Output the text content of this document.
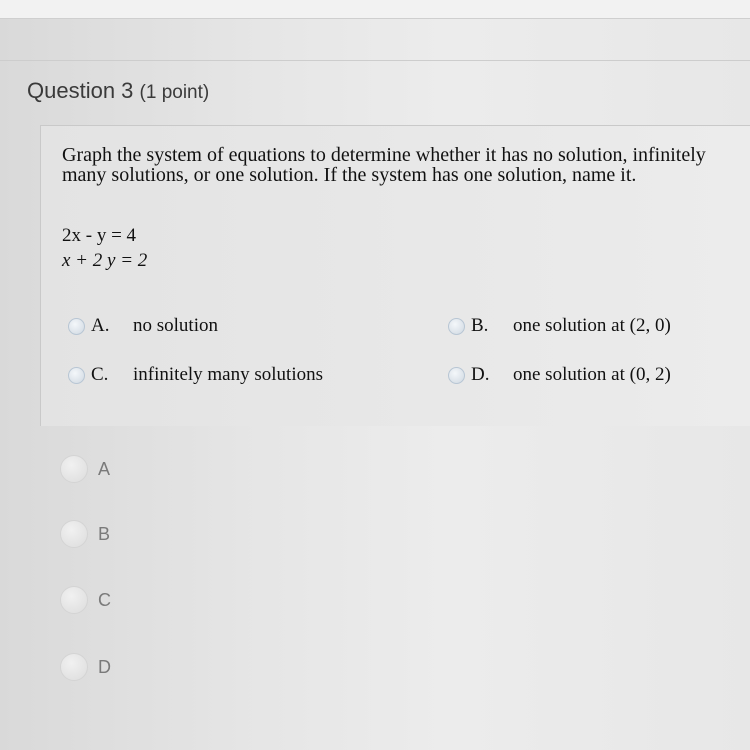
Question 3 (1 point)
Graph the system of equations to determine whether it has no solution, infinitely many solutions, or one solution. If the system has one solution, name it.
2x - y = 4
x + 2 y = 2
A.	no solution	B.	one solution at (2, 0)
C.	infinitely many solutions	D.	one solution at (0, 2)
A
B
C
D
